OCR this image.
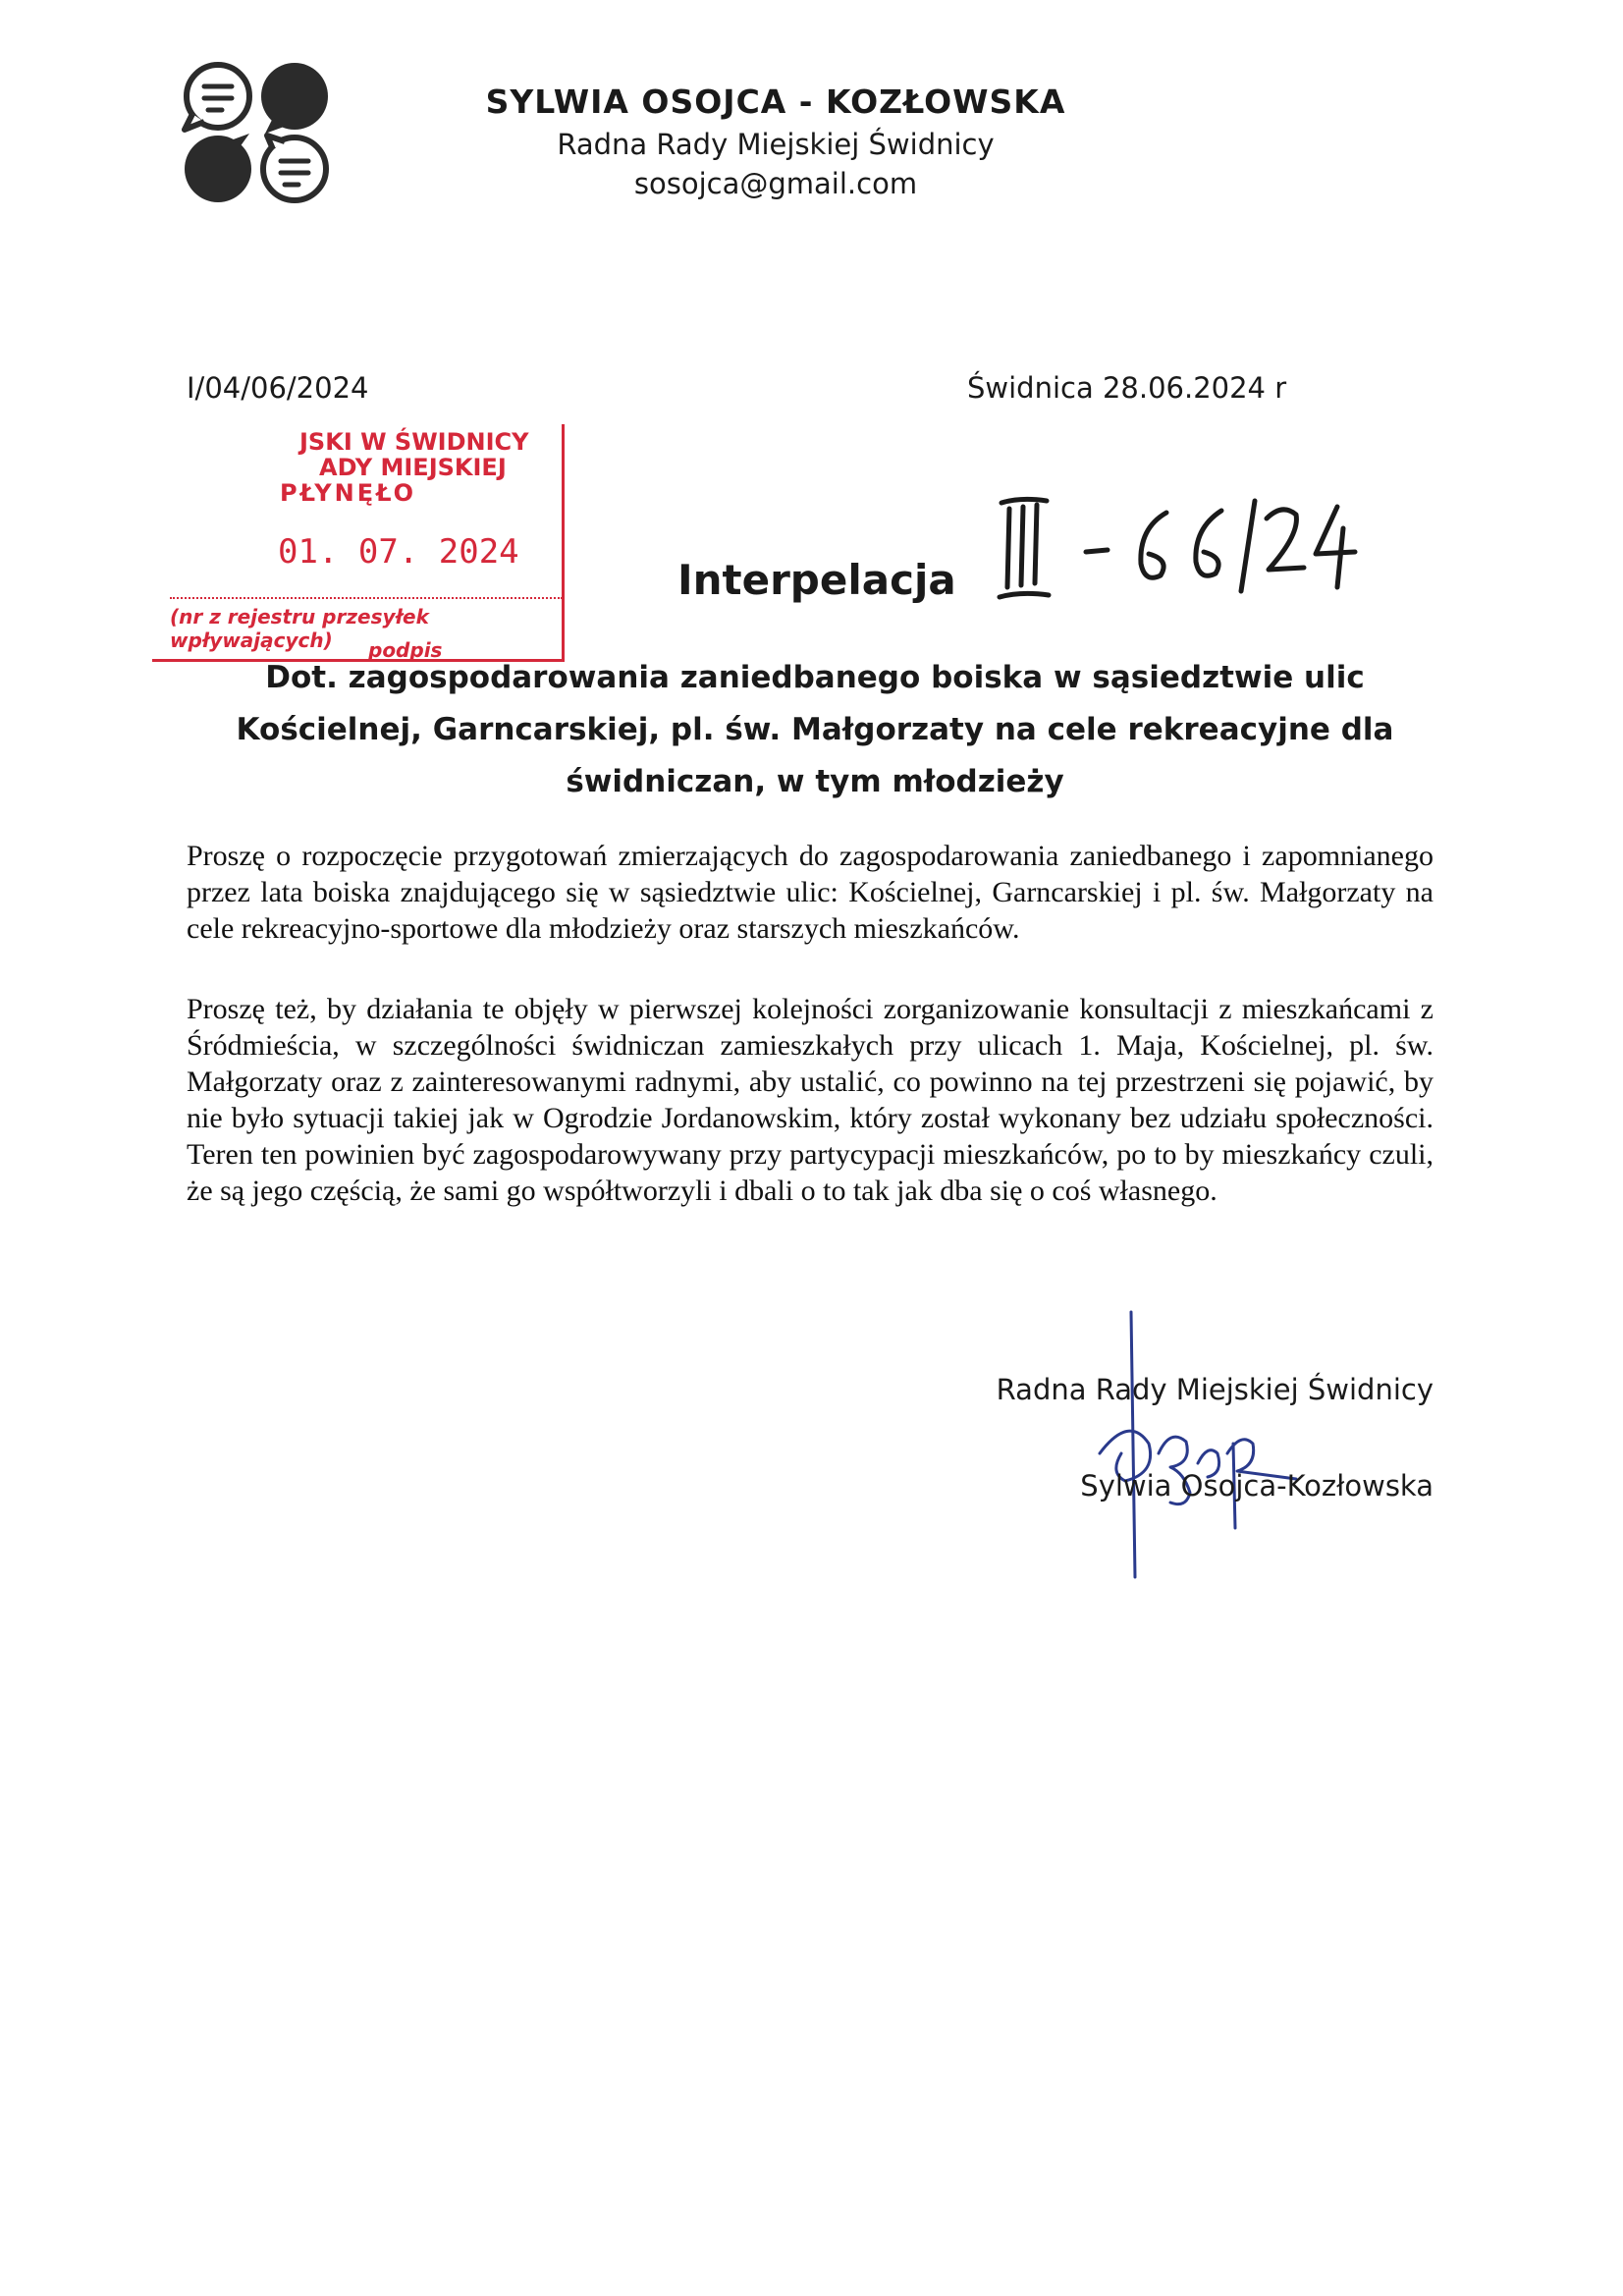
SYLWIA OSOJCA - KOZŁOWSKA
Radna Rady Miejskiej Świdnicy
sosojca@gmail.com
I/04/06/2024	Świdnica 28.06.2024 r
JSKI W ŚWIDNICY
ADY MIEJSKIEJ
PŁYNĘŁO
01. 07. 2024
(nr z rejestru przesyłek wpływających)	podpis
Interpelacja
Dot. zagospodarowania zaniedbanego boiska w sąsiedztwie ulic Kościelnej, Garncarskiej, pl. św. Małgorzaty na cele rekreacyjne dla świdniczan, w tym młodzieży
Proszę o rozpoczęcie przygotowań zmierzających do zagospodarowania zaniedbanego i zapomnianego przez lata boiska znajdującego się w sąsiedztwie ulic: Kościelnej, Garncarskiej i pl. św. Małgorzaty na cele rekreacyjno-sportowe dla młodzieży oraz starszych mieszkańców.
Proszę też, by działania te objęły w pierwszej kolejności zorganizowanie konsultacji z mieszkańcami z Śródmieścia, w szczególności świdniczan zamieszkałych przy ulicach 1. Maja, Kościelnej, pl. św. Małgorzaty oraz z zainteresowanymi radnymi, aby ustalić, co powinno na tej przestrzeni się pojawić, by nie było sytuacji takiej jak w Ogrodzie Jordanowskim, który został wykonany bez udziału społeczności. Teren ten powinien być zagospodarowywany przy partycypacji mieszkańców, po to by mieszkańcy czuli, że są jego częścią, że sami go współtworzyli i dbali o to tak jak dba się o coś własnego.
Radna Rady Miejskiej Świdnicy
Sylwia Osojca-Kozłowska
